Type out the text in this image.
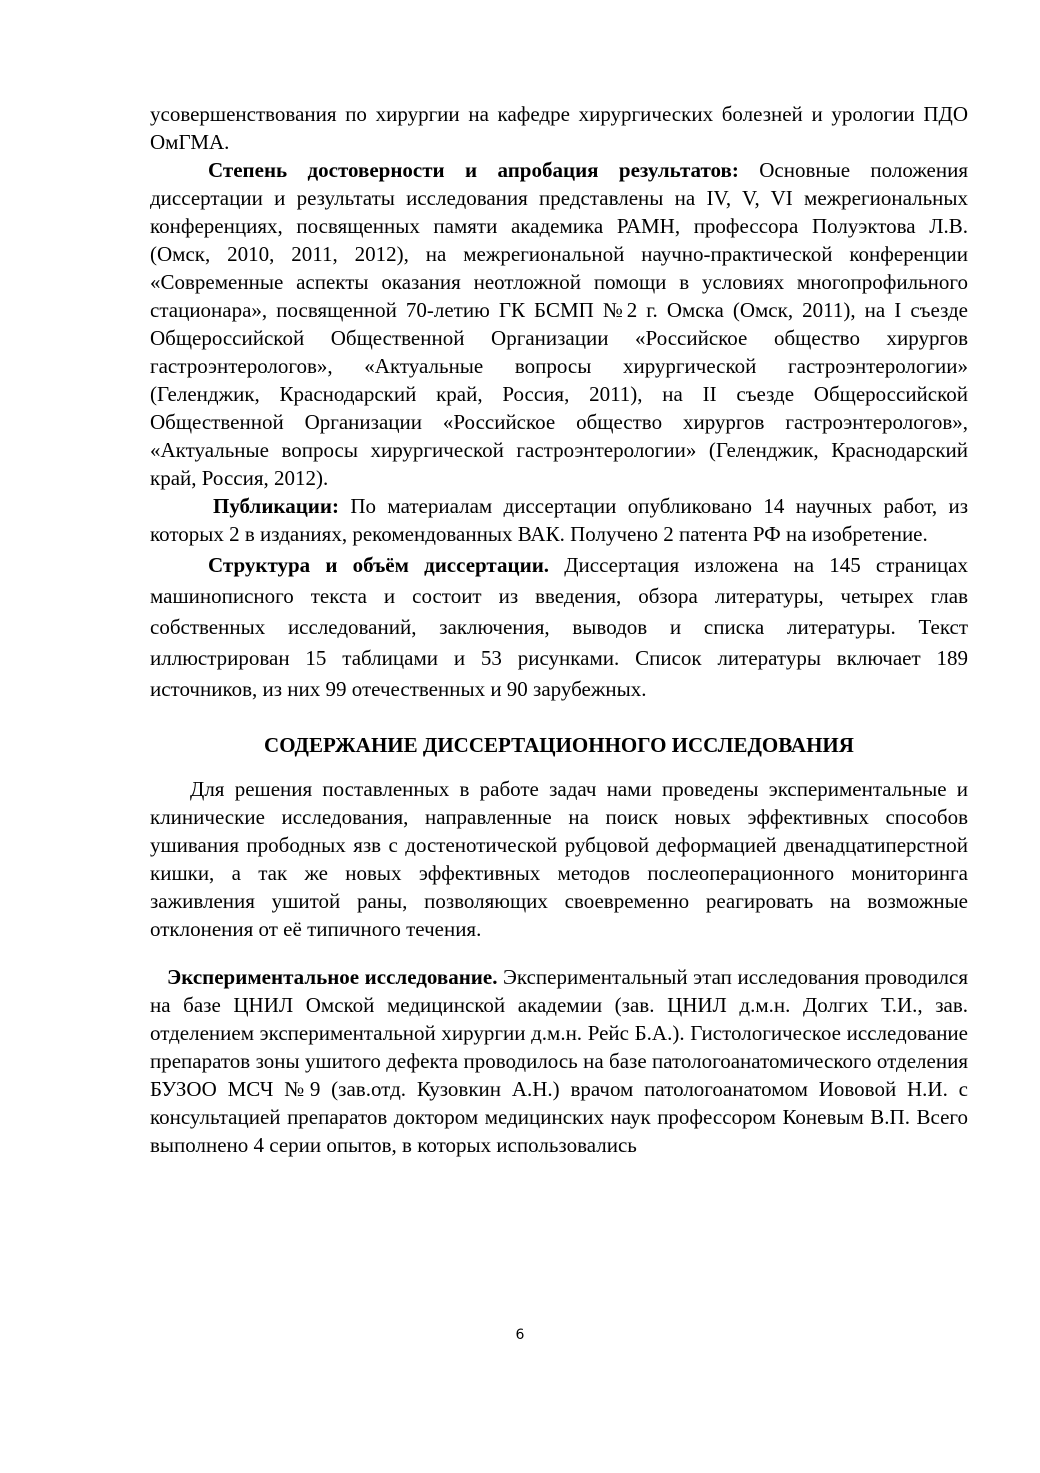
усовершенствования по хирургии на кафедре хирургических болезней и урологии ПДО ОмГМА.

Степень достоверности и апробация результатов: Основные положения диссертации и результаты исследования представлены на IV, V, VI межрегиональных конференциях, посвященных памяти академика РАМН, профессора Полуэктова Л.В. (Омск, 2010, 2011, 2012), на межрегиональной научно-практической конференции «Современные аспекты оказания неотложной помощи в условиях многопрофильного стационара», посвященной 70-летию ГК БСМП №2 г. Омска (Омск, 2011), на I съезде Общероссийской Общественной Организации «Российское общество хирургов гастроэнтерологов», «Актуальные вопросы хирургической гастроэнтерологии» (Геленджик, Краснодарский край, Россия, 2011), на II съезде Общероссийской Общественной Организации «Российское общество хирургов гастроэнтерологов», «Актуальные вопросы хирургической гастроэнтерологии» (Геленджик, Краснодарский край, Россия, 2012).

Публикации: По материалам диссертации опубликовано 14 научных работ, из которых 2 в изданиях, рекомендованных ВАК. Получено 2 патента РФ на изобретение.

Структура и объём диссертации. Диссертация изложена на 145 страницах машинописного текста и состоит из введения, обзора литературы, четырех глав собственных исследований, заключения, выводов и списка литературы. Текст иллюстрирован 15 таблицами и 53 рисунками. Список литературы включает 189 источников, из них 99 отечественных и 90 зарубежных.

СОДЕРЖАНИЕ ДИССЕРТАЦИОННОГО ИССЛЕДОВАНИЯ

Для решения поставленных в работе задач нами проведены экспериментальные и клинические исследования, направленные на поиск новых эффективных способов ушивания прободных язв с достенотической рубцовой деформацией двенадцатиперстной кишки, а так же новых эффективных методов послеоперационного мониторинга заживления ушитой раны, позволяющих своевременно реагировать на возможные отклонения от её типичного течения.

Экспериментальное исследование. Экспериментальный этап исследования проводился на базе ЦНИЛ Омской медицинской академии (зав. ЦНИЛ д.м.н. Долгих Т.И., зав. отделением экспериментальной хирургии д.м.н. Рейс Б.А.). Гистологическое исследование препаратов зоны ушитого дефекта проводилось на базе патологоанатомического отделения БУЗОО МСЧ №9 (зав.отд. Кузовкин А.Н.) врачом патологоанатомом Иововой Н.И. с консультацией препаратов доктором медицинских наук профессором Коневым В.П. Всего выполнено 4 серии опытов, в которых использовались

6
